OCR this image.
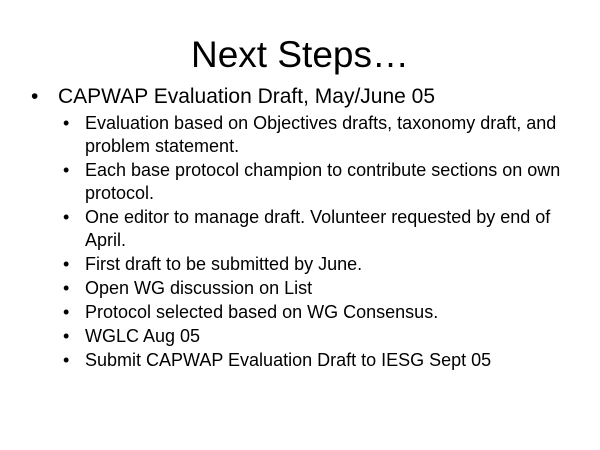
Next Steps…
• CAPWAP Evaluation Draft, May/June 05
• Evaluation based on Objectives drafts, taxonomy draft, and problem statement.
• Each base protocol champion to contribute sections on own protocol.
• One editor to manage draft. Volunteer requested by end of April.
• First draft to be submitted by June.
• Open WG discussion on List
• Protocol selected based on WG Consensus.
• WGLC Aug 05
• Submit CAPWAP Evaluation Draft to IESG Sept 05
